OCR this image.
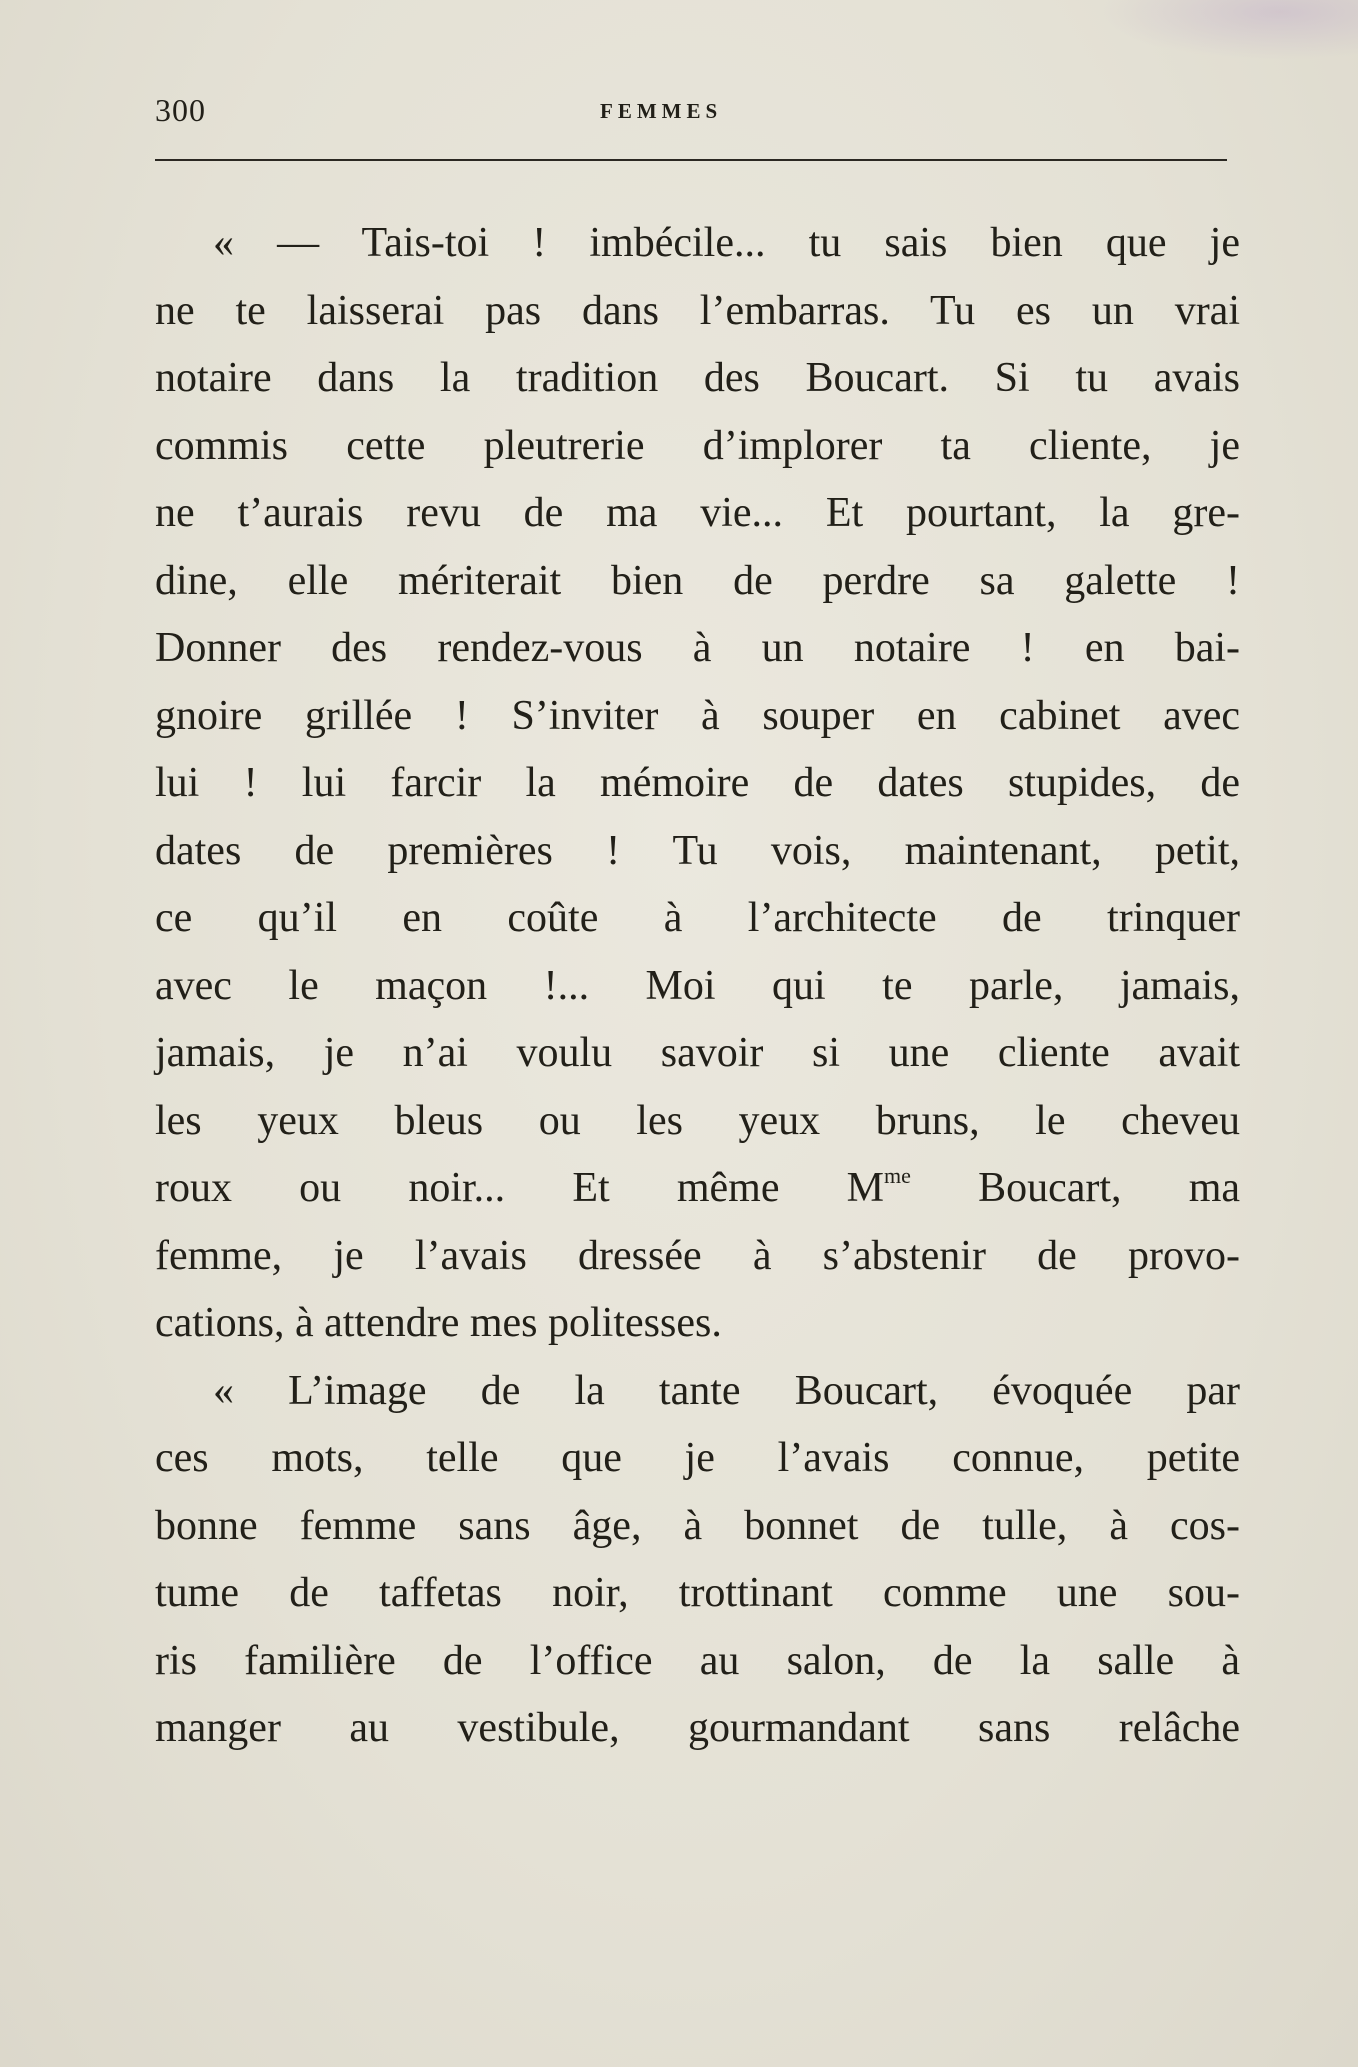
300	FEMMES
« — Tais-toi ! imbécile... tu sais bien que je
ne te laisserai pas dans l’embarras. Tu es un vrai
notaire dans la tradition des Boucart. Si tu avais
commis cette pleutrerie d’implorer ta cliente, je
ne t’aurais revu de ma vie... Et pourtant, la gre-
dine, elle mériterait bien de perdre sa galette !
Donner des rendez-vous à un notaire ! en bai-
gnoire grillée ! S’inviter à souper en cabinet avec
lui ! lui farcir la mémoire de dates stupides, de
dates de premières ! Tu vois, maintenant, petit,
ce qu’il en coûte à l’architecte de trinquer
avec le maçon !... Moi qui te parle, jamais,
jamais, je n’ai voulu savoir si une cliente avait
les yeux bleus ou les yeux bruns, le cheveu
roux ou noir... Et même $M^{me}$ Boucart, ma
femme, je l’avais dressée à s’abstenir de provo-
cations, à attendre mes politesses.
« L’image de la tante Boucart, évoquée par
ces mots, telle que je l’avais connue, petite
bonne femme sans âge, à bonnet de tulle, à cos-
tume de taffetas noir, trottinant comme une sou-
ris familière de l’office au salon, de la salle à
manger au vestibule, gourmandant sans relâche
